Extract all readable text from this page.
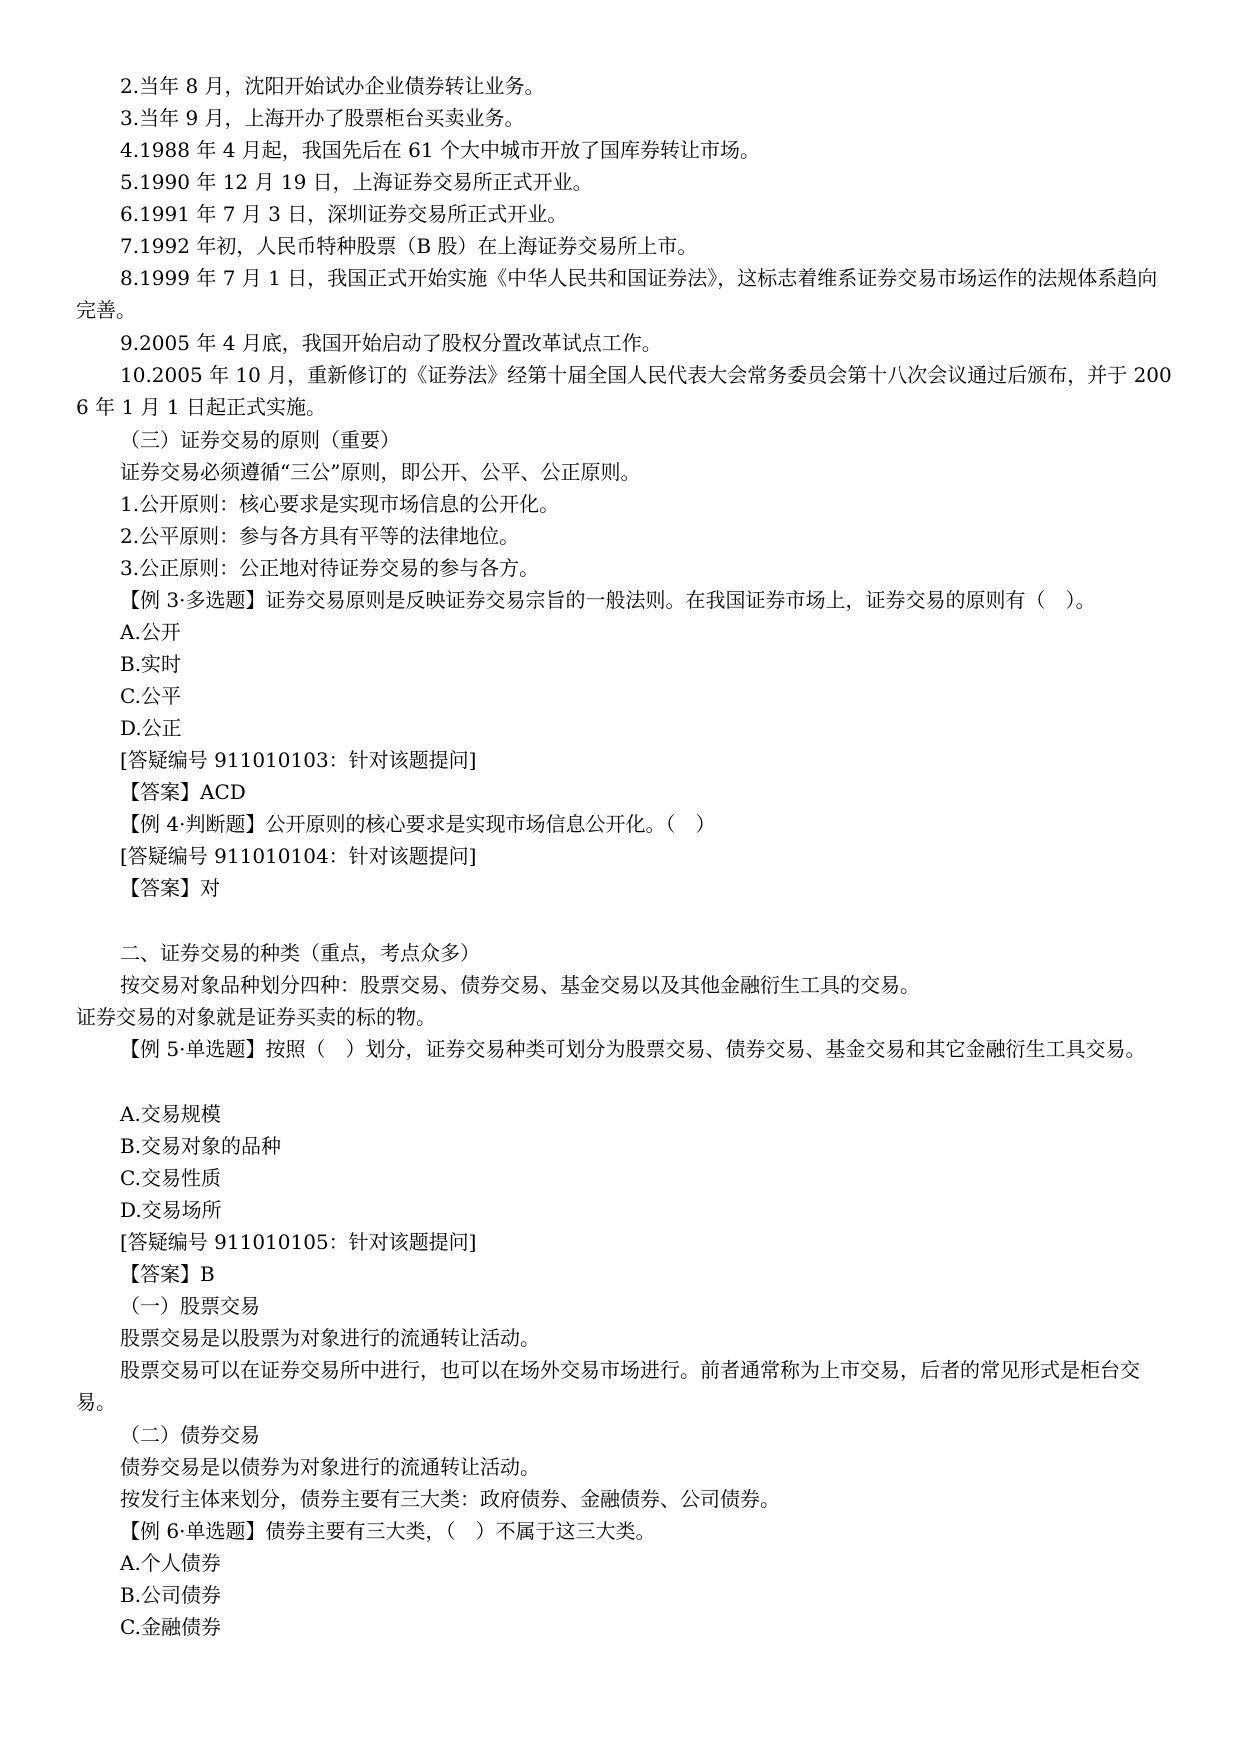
2.当年 8 月，沈阳开始试办企业债券转让业务。

3.当年 9 月，上海开办了股票柜台买卖业务。

4.1988 年 4 月起，我国先后在 61 个大中城市开放了国库券转让市场。

5.1990 年 12 月 19 日，上海证券交易所正式开业。

6.1991 年 7 月 3 日，深圳证券交易所正式开业。

7.1992 年初，人民币特种股票（B 股）在上海证券交易所上市。

8.1999 年 7 月 1 日，我国正式开始实施《中华人民共和国证券法》，这标志着维系证券交易市场运作的法规体系趋向完善。

9.2005 年 4 月底，我国开始启动了股权分置改革试点工作。

10.2005 年 10 月，重新修订的《证券法》经第十届全国人民代表大会常务委员会第十八次会议通过后颁布，并于 2006 年 1 月 1 日起正式实施。

（三）证券交易的原则（重要）

证券交易必须遵循“三公”原则，即公开、公平、公正原则。

1.公开原则：核心要求是实现市场信息的公开化。

2.公平原则：参与各方具有平等的法律地位。

3.公正原则：公正地对待证券交易的参与各方。

【例 3·多选题】证券交易原则是反映证券交易宗旨的一般法则。在我国证券市场上，证券交易的原则有（　）。

A.公开

B.实时

C.公平

D.公正

[答疑编号 911010103：针对该题提问]

【答案】ACD

【例 4·判断题】公开原则的核心要求是实现市场信息公开化。（　）

[答疑编号 911010104：针对该题提问]

【答案】对

二、证券交易的种类（重点，考点众多）

按交易对象品种划分四种：股票交易、债券交易、基金交易以及其他金融衍生工具的交易。

证券交易的对象就是证券买卖的标的物。

【例 5·单选题】按照（　）划分，证券交易种类可划分为股票交易、债券交易、基金交易和其它金融衍生工具交易。

A.交易规模

B.交易对象的品种

C.交易性质

D.交易场所

[答疑编号 911010105：针对该题提问]

【答案】B

（一）股票交易

股票交易是以股票为对象进行的流通转让活动。

股票交易可以在证券交易所中进行，也可以在场外交易市场进行。前者通常称为上市交易，后者的常见形式是柜台交易。

（二）债券交易

债券交易是以债券为对象进行的流通转让活动。

按发行主体来划分，债券主要有三大类：政府债券、金融债券、公司债券。

【例 6·单选题】债券主要有三大类，（　）不属于这三大类。

A.个人债券

B.公司债券

C.金融债券
